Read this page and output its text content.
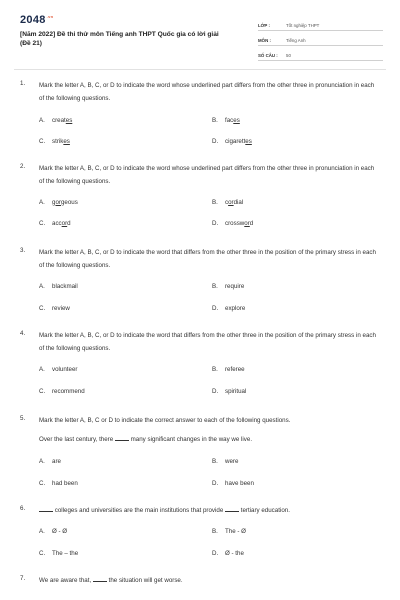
$2048^{.vn}$
[Năm 2022] Đề thi thử môn Tiếng anh THPT Quốc gia có lời giải (Đề 21)
LỚP :	Tốt nghiệp THPT
MÔN :	Tiếng Anh
SỐ CÂU :	50
1. Mark the letter A, B, C, or D to indicate the word whose underlined part differs from the other three in pronunciation in each of the following questions.
A. creates	B. faces
C. strikes	D. cigarettes
2. Mark the letter A, B, C, or D to indicate the word whose underlined part differs from the other three in pronunciation in each of the following questions.
A. gorgeous	B. cordial
C. accord	D. crossword
3. Mark the letter A, B, C, or D to indicate the word that differs from the other three in the position of the primary stress in each of the following questions.
A. blackmail	B. require
C. review	D. explore
4. Mark the letter A, B, C, or D to indicate the word that differs from the other three in the position of the primary stress in each of the following questions.
A. volunteer	B. referee
C. recommend	D. spiritual
5. Mark the letter A, B, C or D to indicate the correct answer to each of the following questions.
Over the last century, there	many significant changes in the way we live.
A. are	B. were
C. had been	D. have been
6.	colleges and universities are the main institutions that provide	tertiary education.
A. Ø - Ø	B. The - Ø
C. The – the	D. Ø - the
7. We are aware that,	the situation will get worse.
